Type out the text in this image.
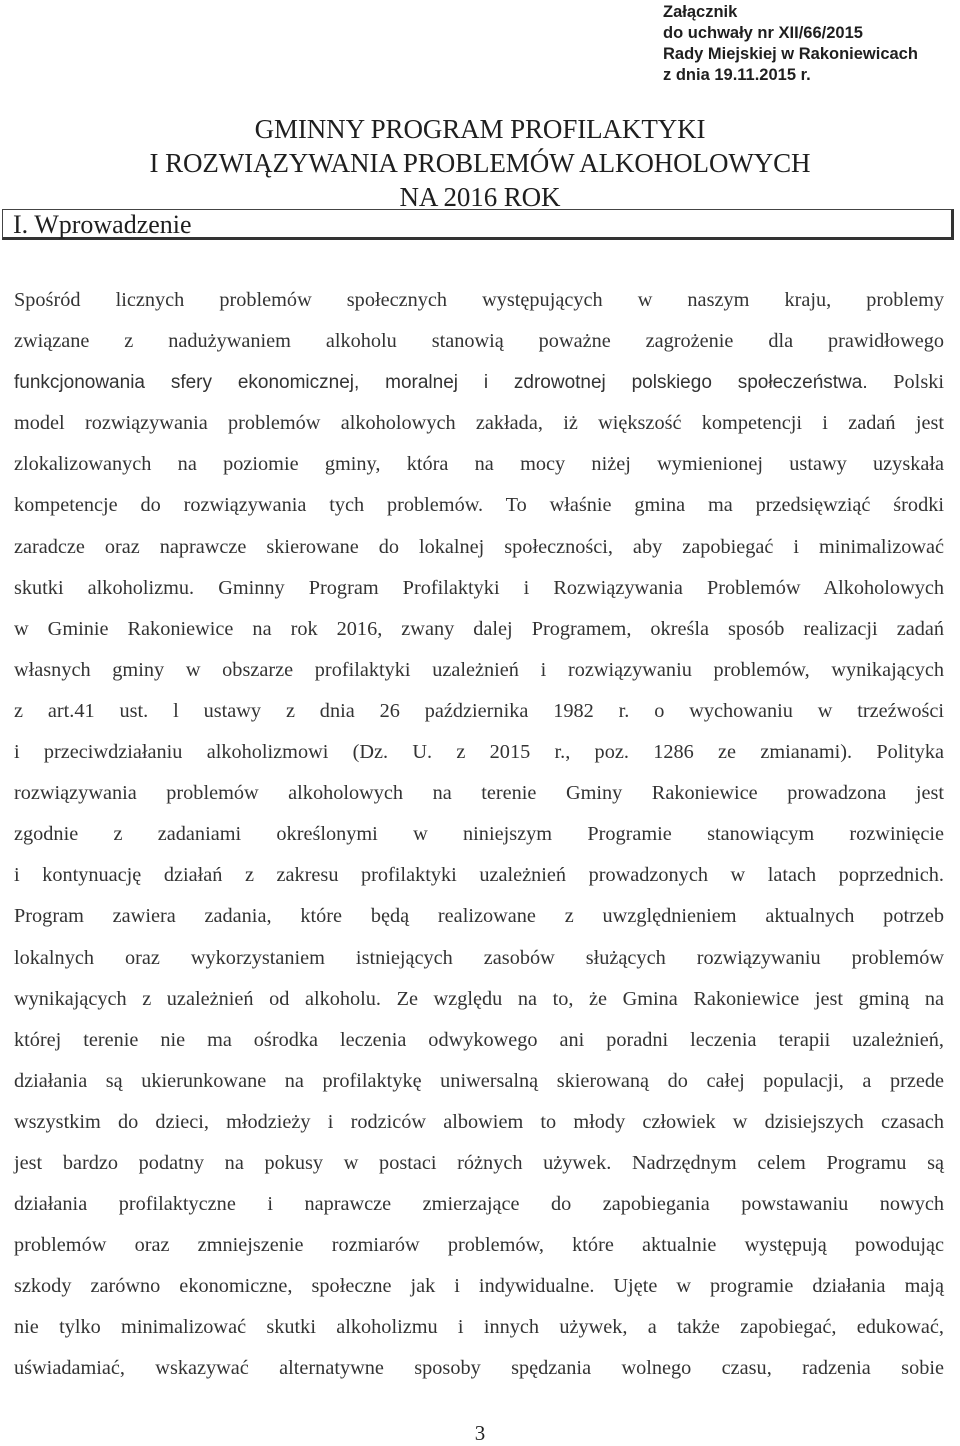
Załącznik
do uchwały nr XII/66/2015
Rady Miejskiej w Rakoniewicach
z dnia 19.11.2015 r.
GMINNY PROGRAM PROFILAKTYKI
I ROZWIĄZYWANIA PROBLEMÓW ALKOHOLOWYCH
NA 2016 ROK
I. Wprowadzenie
Spośród licznych problemów społecznych występujących w naszym kraju, problemy
związane z nadużywaniem alkoholu stanowią poważne zagrożenie dla prawidłowego
funkcjonowania sfery ekonomicznej, moralnej i zdrowotnej polskiego społeczeństwa. Polski
model rozwiązywania problemów alkoholowych zakłada, iż większość kompetencji i zadań jest
zlokalizowanych na poziomie gminy, która na mocy niżej wymienionej ustawy uzyskała
kompetencje do rozwiązywania tych problemów. To właśnie gmina ma przedsięwziąć środki
zaradcze oraz naprawcze skierowane do lokalnej społeczności, aby zapobiegać i minimalizować
skutki alkoholizmu. Gminny Program Profilaktyki i Rozwiązywania Problemów Alkoholowych
w Gminie Rakoniewice na rok 2016, zwany dalej Programem, określa sposób realizacji zadań
własnych gminy w obszarze profilaktyki uzależnień i rozwiązywaniu problemów, wynikających
z art.41 ust. l ustawy z dnia 26 października 1982 r. o wychowaniu w trzeźwości
i przeciwdziałaniu alkoholizmowi (Dz. U. z 2015 r., poz. 1286 ze zmianami). Polityka
rozwiązywania problemów alkoholowych na terenie Gminy Rakoniewice prowadzona jest
zgodnie z zadaniami określonymi w niniejszym Programie stanowiącym rozwinięcie
i kontynuację działań z zakresu profilaktyki uzależnień prowadzonych w latach poprzednich.
Program zawiera zadania, które będą realizowane z uwzględnieniem aktualnych potrzeb
lokalnych oraz wykorzystaniem istniejących zasobów służących rozwiązywaniu problemów
wynikających z uzależnień od alkoholu. Ze względu na to, że Gmina Rakoniewice jest gminą na
której terenie nie ma ośrodka leczenia odwykowego ani poradni leczenia terapii uzależnień,
działania są ukierunkowane na profilaktykę uniwersalną skierowaną do całej populacji, a przede
wszystkim do dzieci, młodzieży i rodziców albowiem to młody człowiek w dzisiejszych czasach
jest bardzo podatny na pokusy w postaci różnych używek. Nadrzędnym celem Programu są
działania profilaktyczne i naprawcze zmierzające do zapobiegania powstawaniu nowych
problemów oraz zmniejszenie rozmiarów problemów, które aktualnie występują powodując
szkody zarówno ekonomiczne, społeczne jak i indywidualne. Ujęte w programie działania mają
nie tylko minimalizować skutki alkoholizmu i innych używek, a także zapobiegać, edukować,
uświadamiać, wskazywać alternatywne sposoby spędzania wolnego czasu, radzenia sobie
3
